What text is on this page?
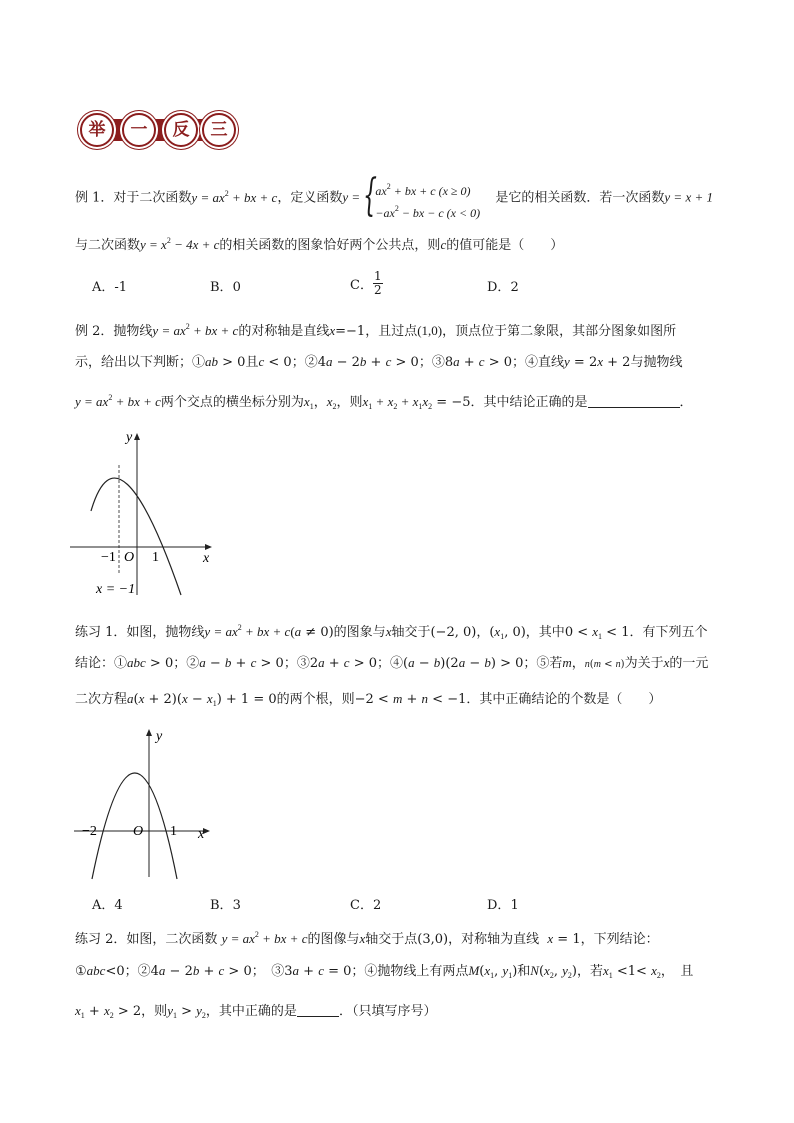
举	一	反	三
例 1．对于二次函数$y = ax^2$ + bx + c，定义函数y = {
$ax^2$ + bx + c (x ≥ 0)
$-ax^2$ − bx − c (x < 0)
是它的相关函数．若一次函数y = x + 1
与二次函数$y = x^2 - 4x + c$的相关函数的图象恰好两个公共点，则c的值可能是（　　）
A．-1	B．0	C． $\frac{1}{2}$	D．2
例 2．抛物线$y = ax^2$ + bx + c的对称轴是直线x=−1，且过点(1,0)，顶点位于第二象限，其部分图象如图所
示，给出以下判断；①ab > 0且c < 0；②4a − 2b + c > 0；③8a + c > 0；④直线y = 2x + 2与抛物线
$y = ax^2$ + bx + c两个交点的横坐标分别为$x_1$，$x_2$，则$x_1 + x_2 + x_1x_2 = -5$．其中结论正确的是	．
y
x
O
−1	1
x = −1
练习 1．如图，抛物线$y = ax^2$ + bx + c(a ≠ 0)的图象与x轴交于(−2, 0)，($x_1$, 0)，其中$0 < x_1 < 1$．有下列五个
结论：①abc > 0；②a − b + c > 0；③2a + c > 0；④(a − b)(2a − b) > 0；⑤若m，n(m < n)为关于x的一元
二次方程$a(x + 2)(x - x_1) + 1 = 0$的两个根，则−2 < m + n < −1．其中正确结论的个数是（　　）
y
x
O
−2	1
A．4	B．3	C．2	D．1
练习 2．如图，二次函数 $y = ax^2$ + bx + c的图像与x轴交于点(3,0)，对称轴为直线 x = 1，下列结论：
①abc<0；②4a − 2b + c > 0；　③3a + c = 0；④抛物线上有两点$M(x_1$, $y_1$)和$N(x_2$, $y_2$)，若$x_1 <1< x_2$，　且
$x_1 + x_2 > 2$，则$y_1 > y_2$，其中正确的是	．（只填写序号）
